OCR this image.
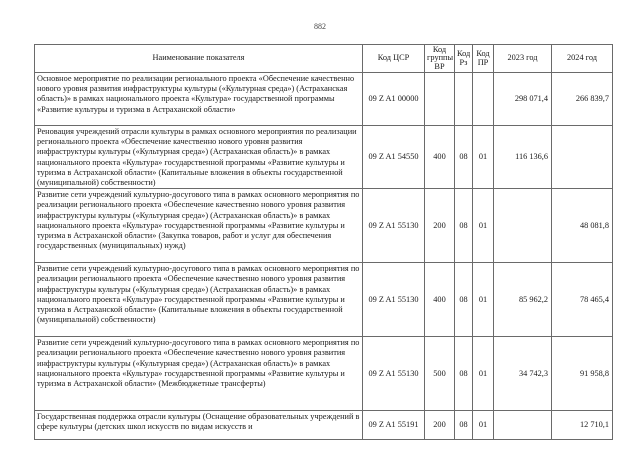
882
Наименование показателя	Код ЦСР	Код группы ВР	Код Рз	Код ПР	2023 год	2024 год
Основное мероприятие по реализации регионального проекта «Обеспечение качественно нового уровня развития инфраструктуры культуры («Культурная среда») (Астраханская область)» в рамках национального проекта «Культура» государственной программы «Развитие культуры и туризма в Астраханской области»	09 Z A1 00000				298 071,4	266 839,7
Реновация учреждений отрасли культуры в рамках основного мероприятия по реализации регионального проекта «Обеспечение качественно нового уровня развития инфраструктуры культуры («Культурная среда») (Астраханская область)» в рамках национального проекта «Культура» государственной программы «Развитие культуры и туризма в Астраханской области» (Капитальные вложения в объекты государственной (муниципальной) собственности)	09 Z A1 54550	400	08	01	116 136,6	
Развитие сети учреждений культурно-досугового типа в рамках основного мероприятия по реализации регионального проекта «Обеспечение качественно нового уровня развития инфраструктуры культуры («Культурная среда») (Астраханская область)» в рамках национального проекта «Культура» государственной программы «Развитие культуры и туризма в Астраханской области» (Закупка товаров, работ и услуг для обеспечения государственных (муниципальных) нужд)	09 Z A1 55130	200	08	01		48 081,8
Развитие сети учреждений культурно-досугового типа в рамках основного мероприятия по реализации регионального проекта «Обеспечение качественно нового уровня развития инфраструктуры культуры («Культурная среда») (Астраханская область)» в рамках национального проекта «Культура» государственной программы «Развитие культуры и туризма в Астраханской области» (Капитальные вложения в объекты государственной (муниципальной) собственности)	09 Z A1 55130	400	08	01	85 962,2	78 465,4
Развитие сети учреждений культурно-досугового типа в рамках основного мероприятия по реализации регионального проекта «Обеспечение качественно нового уровня развития инфраструктуры культуры («Культурная среда») (Астраханская область)» в рамках национального проекта «Культура» государственной программы «Развитие культуры и туризма в Астраханской области» (Межбюджетные трансферты)	09 Z A1 55130	500	08	01	34 742,3	91 958,8
Государственная поддержка отрасли культуры (Оснащение образовательных учреждений в сфере культуры (детских школ искусств по видам искусств и	09 Z A1 55191	200	08	01		12 710,1
